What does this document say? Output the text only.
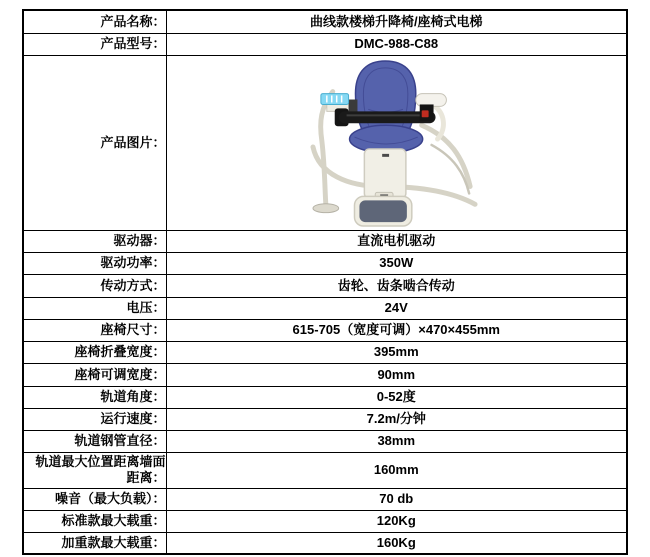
产品名称：	曲线款楼梯升降椅/座椅式电梯
产品型号：	DMC-988-C88
产品图片：	

驱动器：	直流电机驱动
驱动功率：	350W
传动方式：	齿轮、齿条啮合传动
电压：	24V
座椅尺寸：	615-705（宽度可调）×470×455mm
座椅折叠宽度：	395mm
座椅可调宽度：	90mm
轨道角度：	0-52度
运行速度：	7.2m/分钟
轨道钢管直径：	38mm
轨道最大位置距离墙面距离：	160mm
噪音（最大负载）：	70 db
标准款最大载重：	120Kg
加重款最大载重：	160Kg
